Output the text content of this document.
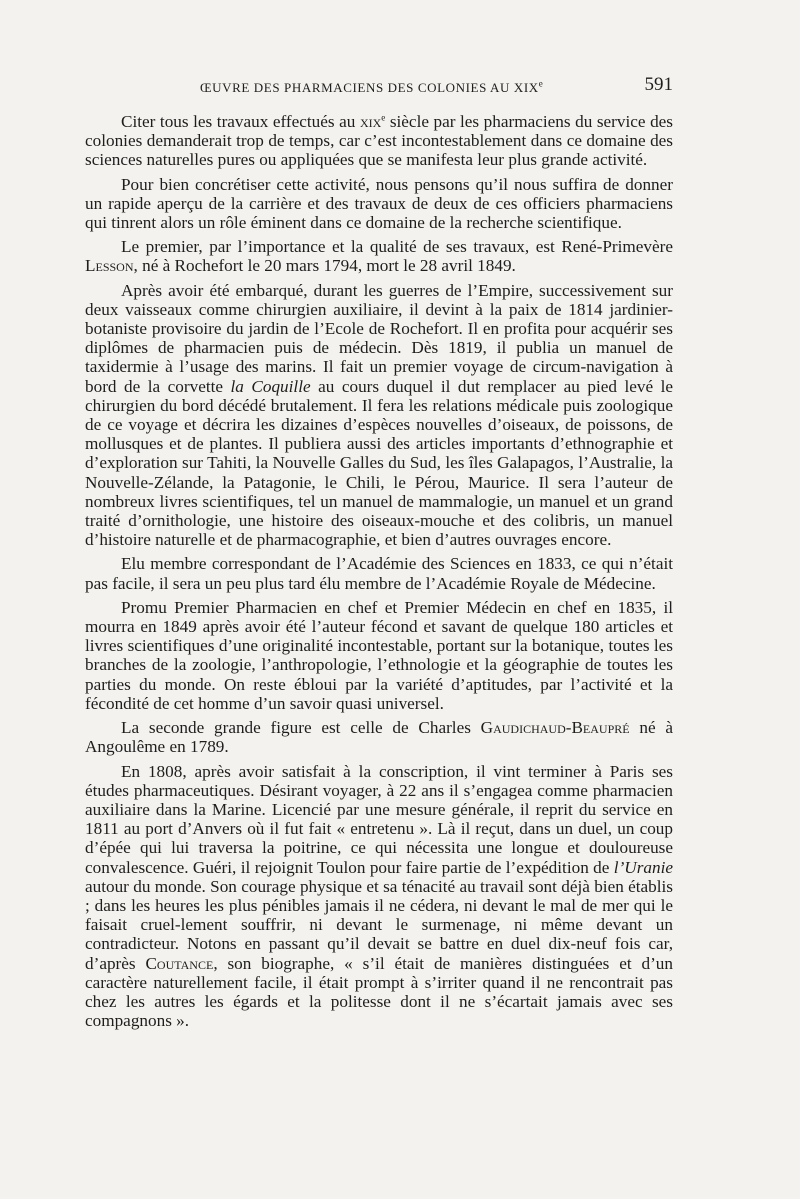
ŒUVRE DES PHARMACIENS DES COLONIES AU XIXe	591

Citer tous les travaux effectués au xix$^e$ siècle par les pharmaciens du service des colonies demanderait trop de temps, car c’est incontestablement dans ce domaine des sciences naturelles pures ou appliquées que se manifesta leur plus grande activité.

Pour bien concrétiser cette activité, nous pensons qu’il nous suffira de donner un rapide aperçu de la carrière et des travaux de deux de ces officiers pharmaciens qui tinrent alors un rôle éminent dans ce domaine de la recherche scientifique.

Le premier, par l’importance et la qualité de ses travaux, est René-Primevère Lesson, né à Rochefort le 20 mars 1794, mort le 28 avril 1849.

Après avoir été embarqué, durant les guerres de l’Empire, successivement sur deux vaisseaux comme chirurgien auxiliaire, il devint à la paix de 1814 jardinier-botaniste provisoire du jardin de l’Ecole de Rochefort. Il en profita pour acquérir ses diplômes de pharmacien puis de médecin. Dès 1819, il publia un manuel de taxidermie à l’usage des marins. Il fait un premier voyage de circum-navigation à bord de la corvette la Coquille au cours duquel il dut remplacer au pied levé le chirurgien du bord décédé brutalement. Il fera les relations médicale puis zoologique de ce voyage et décrira les dizaines d’espèces nouvelles d’oiseaux, de poissons, de mollusques et de plantes. Il publiera aussi des articles importants d’ethnographie et d’exploration sur Tahiti, la Nouvelle Galles du Sud, les îles Galapagos, l’Australie, la Nouvelle-Zélande, la Patagonie, le Chili, le Pérou, Maurice. Il sera l’auteur de nombreux livres scientifiques, tel un manuel de mammalogie, un manuel et un grand traité d’ornithologie, une histoire des oiseaux-mouche et des colibris, un manuel d’histoire naturelle et de pharmacographie, et bien d’autres ouvrages encore.

Elu membre correspondant de l’Académie des Sciences en 1833, ce qui n’était pas facile, il sera un peu plus tard élu membre de l’Académie Royale de Médecine.

Promu Premier Pharmacien en chef et Premier Médecin en chef en 1835, il mourra en 1849 après avoir été l’auteur fécond et savant de quelque 180 articles et livres scientifiques d’une originalité incontestable, portant sur la botanique, toutes les branches de la zoologie, l’anthropologie, l’ethnologie et la géographie de toutes les parties du monde. On reste ébloui par la variété d’aptitudes, par l’activité et la fécondité de cet homme d’un savoir quasi universel.

La seconde grande figure est celle de Charles Gaudichaud-Beaupré né à Angoulême en 1789.

En 1808, après avoir satisfait à la conscription, il vint terminer à Paris ses études pharmaceutiques. Désirant voyager, à 22 ans il s’engagea comme pharmacien auxiliaire dans la Marine. Licencié par une mesure générale, il reprit du service en 1811 au port d’Anvers où il fut fait « entretenu ». Là il reçut, dans un duel, un coup d’épée qui lui traversa la poitrine, ce qui nécessita une longue et douloureuse convalescence. Guéri, il rejoignit Toulon pour faire partie de l’expédition de l’Uranie autour du monde. Son courage physique et sa ténacité au travail sont déjà bien établis ; dans les heures les plus pénibles jamais il ne cédera, ni devant le mal de mer qui le faisait cruel-lement souffrir, ni devant le surmenage, ni même devant un contradicteur. Notons en passant qu’il devait se battre en duel dix-neuf fois car, d’après Coutance, son biographe, « s’il était de manières distinguées et d’un caractère naturellement facile, il était prompt à s’irriter quand il ne rencontrait pas chez les autres les égards et la politesse dont il ne s’écartait jamais avec ses compagnons ».
